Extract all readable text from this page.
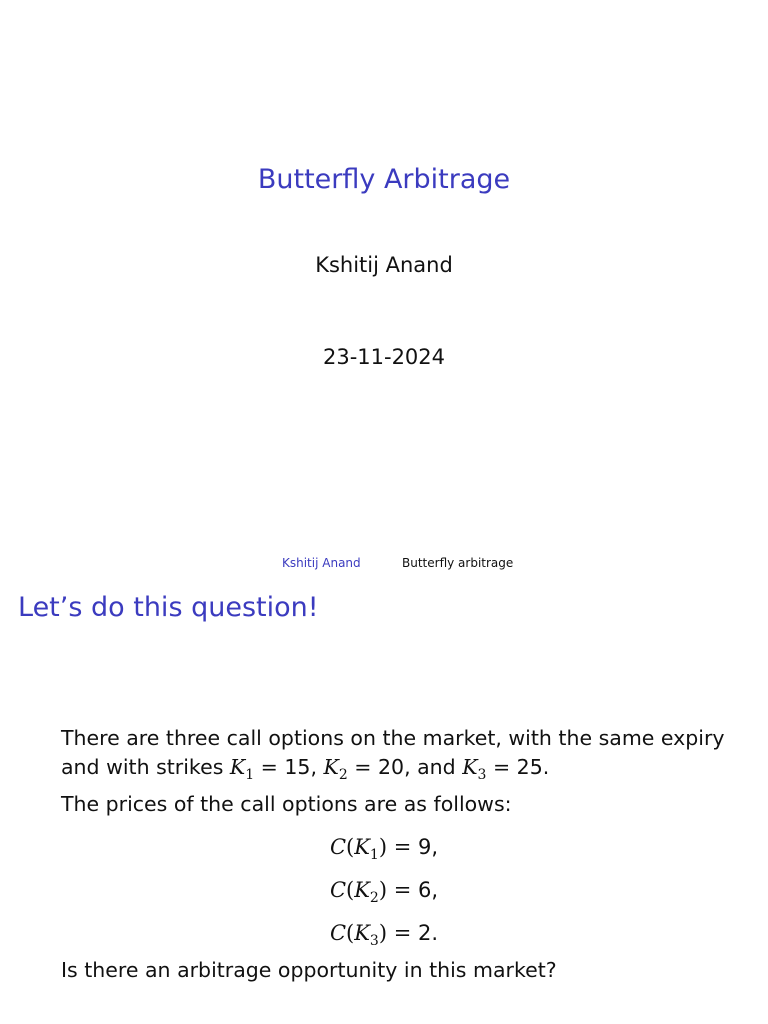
Butterfly Arbitrage
Kshitij Anand
23-11-2024
Kshitij Anand	Butterfly arbitrage
Let’s do this question!
There are three call options on the market, with the same expiry
and with strikes $K_1 = 15$, $K_2 = 20$, and $K_3 = 25$.
The prices of the call options are as follows:
$C(K_1) = 9$,
$C(K_2) = 6$,
$C(K_3) = 2$.
Is there an arbitrage opportunity in this market?
